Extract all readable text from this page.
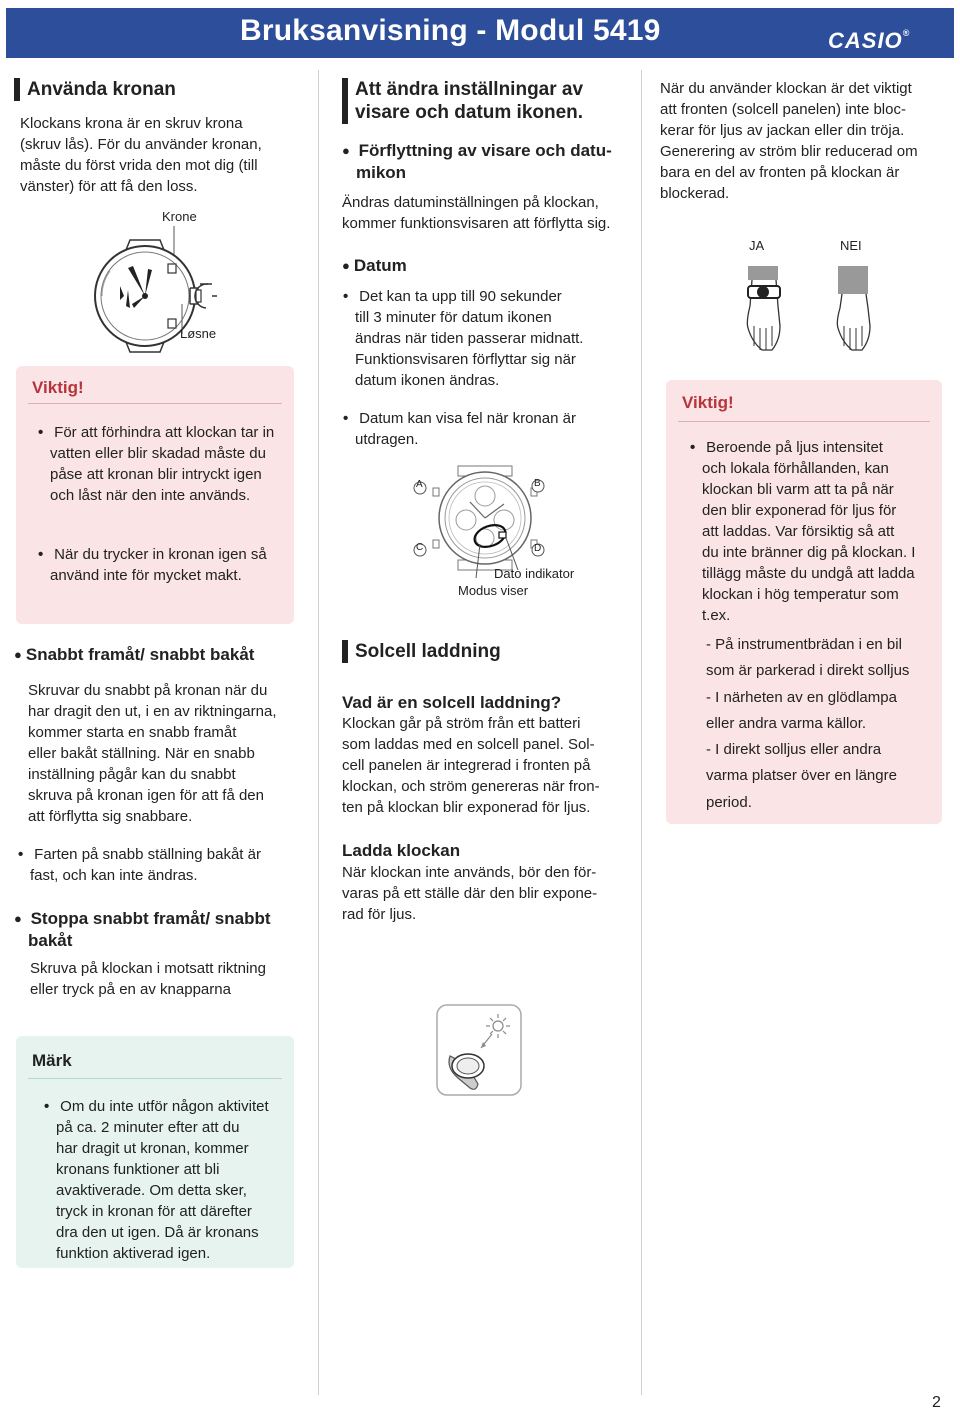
Bruksanvisning - Modul 5419	CASIO®
Använda kronan
Klockans krona är en skruv krona
(skruv lås). För du använder kronan,
måste du först vrida den mot dig (till
vänster) för att få den loss.
Krone
Løsne
Viktig!
• För att förhindra att klockan tar in
vatten eller blir skadad måste du
påse att kronan blir intryckt igen
och låst när den inte används.
• När du trycker in kronan igen så
använd inte för mycket makt.
● Snabbt framåt/ snabbt bakåt
Skruvar du snabbt på kronan när du
har dragit den ut, i en av riktningarna,
kommer starta en snabb framåt
eller bakåt ställning. När en snabb
inställning pågår kan du snabbt
skruva på kronan igen för att få den
att förflytta sig snabbare.
• Farten på snabb ställning bakåt är
fast, och kan inte ändras.
● Stoppa snabbt framåt/ snabbt
bakåt
Skruva på klockan i motsatt riktning
eller tryck på en av knapparna
Märk
• Om du inte utför någon aktivitet
på ca. 2 minuter efter att du
har dragit ut kronan, kommer
kronans funktioner att bli
avaktiverade. Om detta sker,
tryck in kronan för att därefter
dra den ut igen. Då är kronans
funktion aktiverad igen.
Att ändra inställningar av
visare och datum ikonen.
● Förflyttning av visare och datu-
mikon
Ändras datuminställningen på klockan,
kommer funktionsvisaren att förflytta sig.
● Datum
• Det kan ta upp till 90 sekunder
till 3 minuter för datum ikonen
ändras när tiden passerar midnatt.
Funktionsvisaren förflyttar sig när
datum ikonen ändras.
• Datum kan visa fel när kronan är
utdragen.
A	B
C	D
Dato indikator
Modus viser
Solcell laddning
Vad är en solcell laddning?
Klockan går på ström från ett batteri
som laddas med en solcell panel. Sol-
cell panelen är integrerad i fronten på
klockan, och ström genereras när fron-
ten på klockan blir exponerad för ljus.
Ladda klockan
När klockan inte används, bör den för-
varas på ett ställe där den blir expone-
rad för ljus.
När du använder klockan är det viktigt
att fronten (solcell panelen) inte bloc-
kerar för ljus av jackan eller din tröja.
Generering av ström blir reducerad om
bara en del av fronten på klockan är
blockerad.
JA	NEI
Viktig!
• Beroende på ljus intensitet
och lokala förhållanden, kan
klockan bli varm att ta på när
den blir exponerad för ljus för
att laddas. Var försiktig så att
du inte bränner dig på klockan. I
tillägg måste du undgå att ladda
klockan i hög temperatur som
t.ex.
- På instrumentbrädan i en bil
som är parkerad i direkt solljus
- I närheten av en glödlampa
eller andra varma källor.
- I direkt solljus eller andra
varma platser över en längre
period.
2
